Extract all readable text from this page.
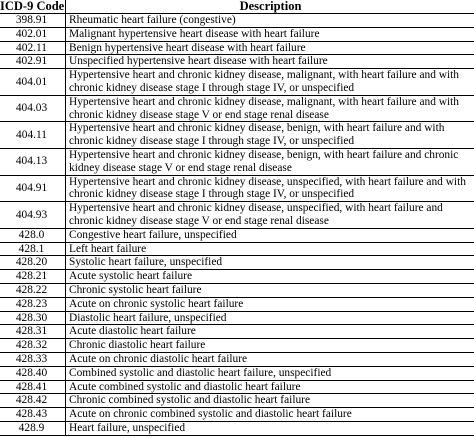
ICD-9 Code	Description
398.91	Rheumatic heart failure (congestive)
402.01	Malignant hypertensive heart disease with heart failure
402.11	Benign hypertensive heart disease with heart failure
402.91	Unspecified hypertensive heart disease with heart failure
404.01	Hypertensive heart and chronic kidney disease, malignant, with heart failure and with chronic kidney disease stage I through stage IV, or unspecified
404.03	Hypertensive heart and chronic kidney disease, malignant, with heart failure and with chronic kidney disease stage V or end stage renal disease
404.11	Hypertensive heart and chronic kidney disease, benign, with heart failure and with chronic kidney disease stage I through stage IV, or unspecified
404.13	Hypertensive heart and chronic kidney disease, benign, with heart failure and chronic kidney disease stage V or end stage renal disease
404.91	Hypertensive heart and chronic kidney disease, unspecified, with heart failure and with chronic kidney disease stage I through stage IV, or unspecified
404.93	Hypertensive heart and chronic kidney disease, unspecified, with heart failure and chronic kidney disease stage V or end stage renal disease
428.0	Congestive heart failure, unspecified
428.1	Left heart failure
428.20	Systolic heart failure, unspecified
428.21	Acute systolic heart failure
428.22	Chronic systolic heart failure
428.23	Acute on chronic systolic heart failure
428.30	Diastolic heart failure, unspecified
428.31	Acute diastolic heart failure
428.32	Chronic diastolic heart failure
428.33	Acute on chronic diastolic heart failure
428.40	Combined systolic and diastolic heart failure, unspecified
428.41	Acute combined systolic and diastolic heart failure
428.42	Chronic combined systolic and diastolic heart failure
428.43	Acute on chronic combined systolic and diastolic heart failure
428.9	Heart failure, unspecified
